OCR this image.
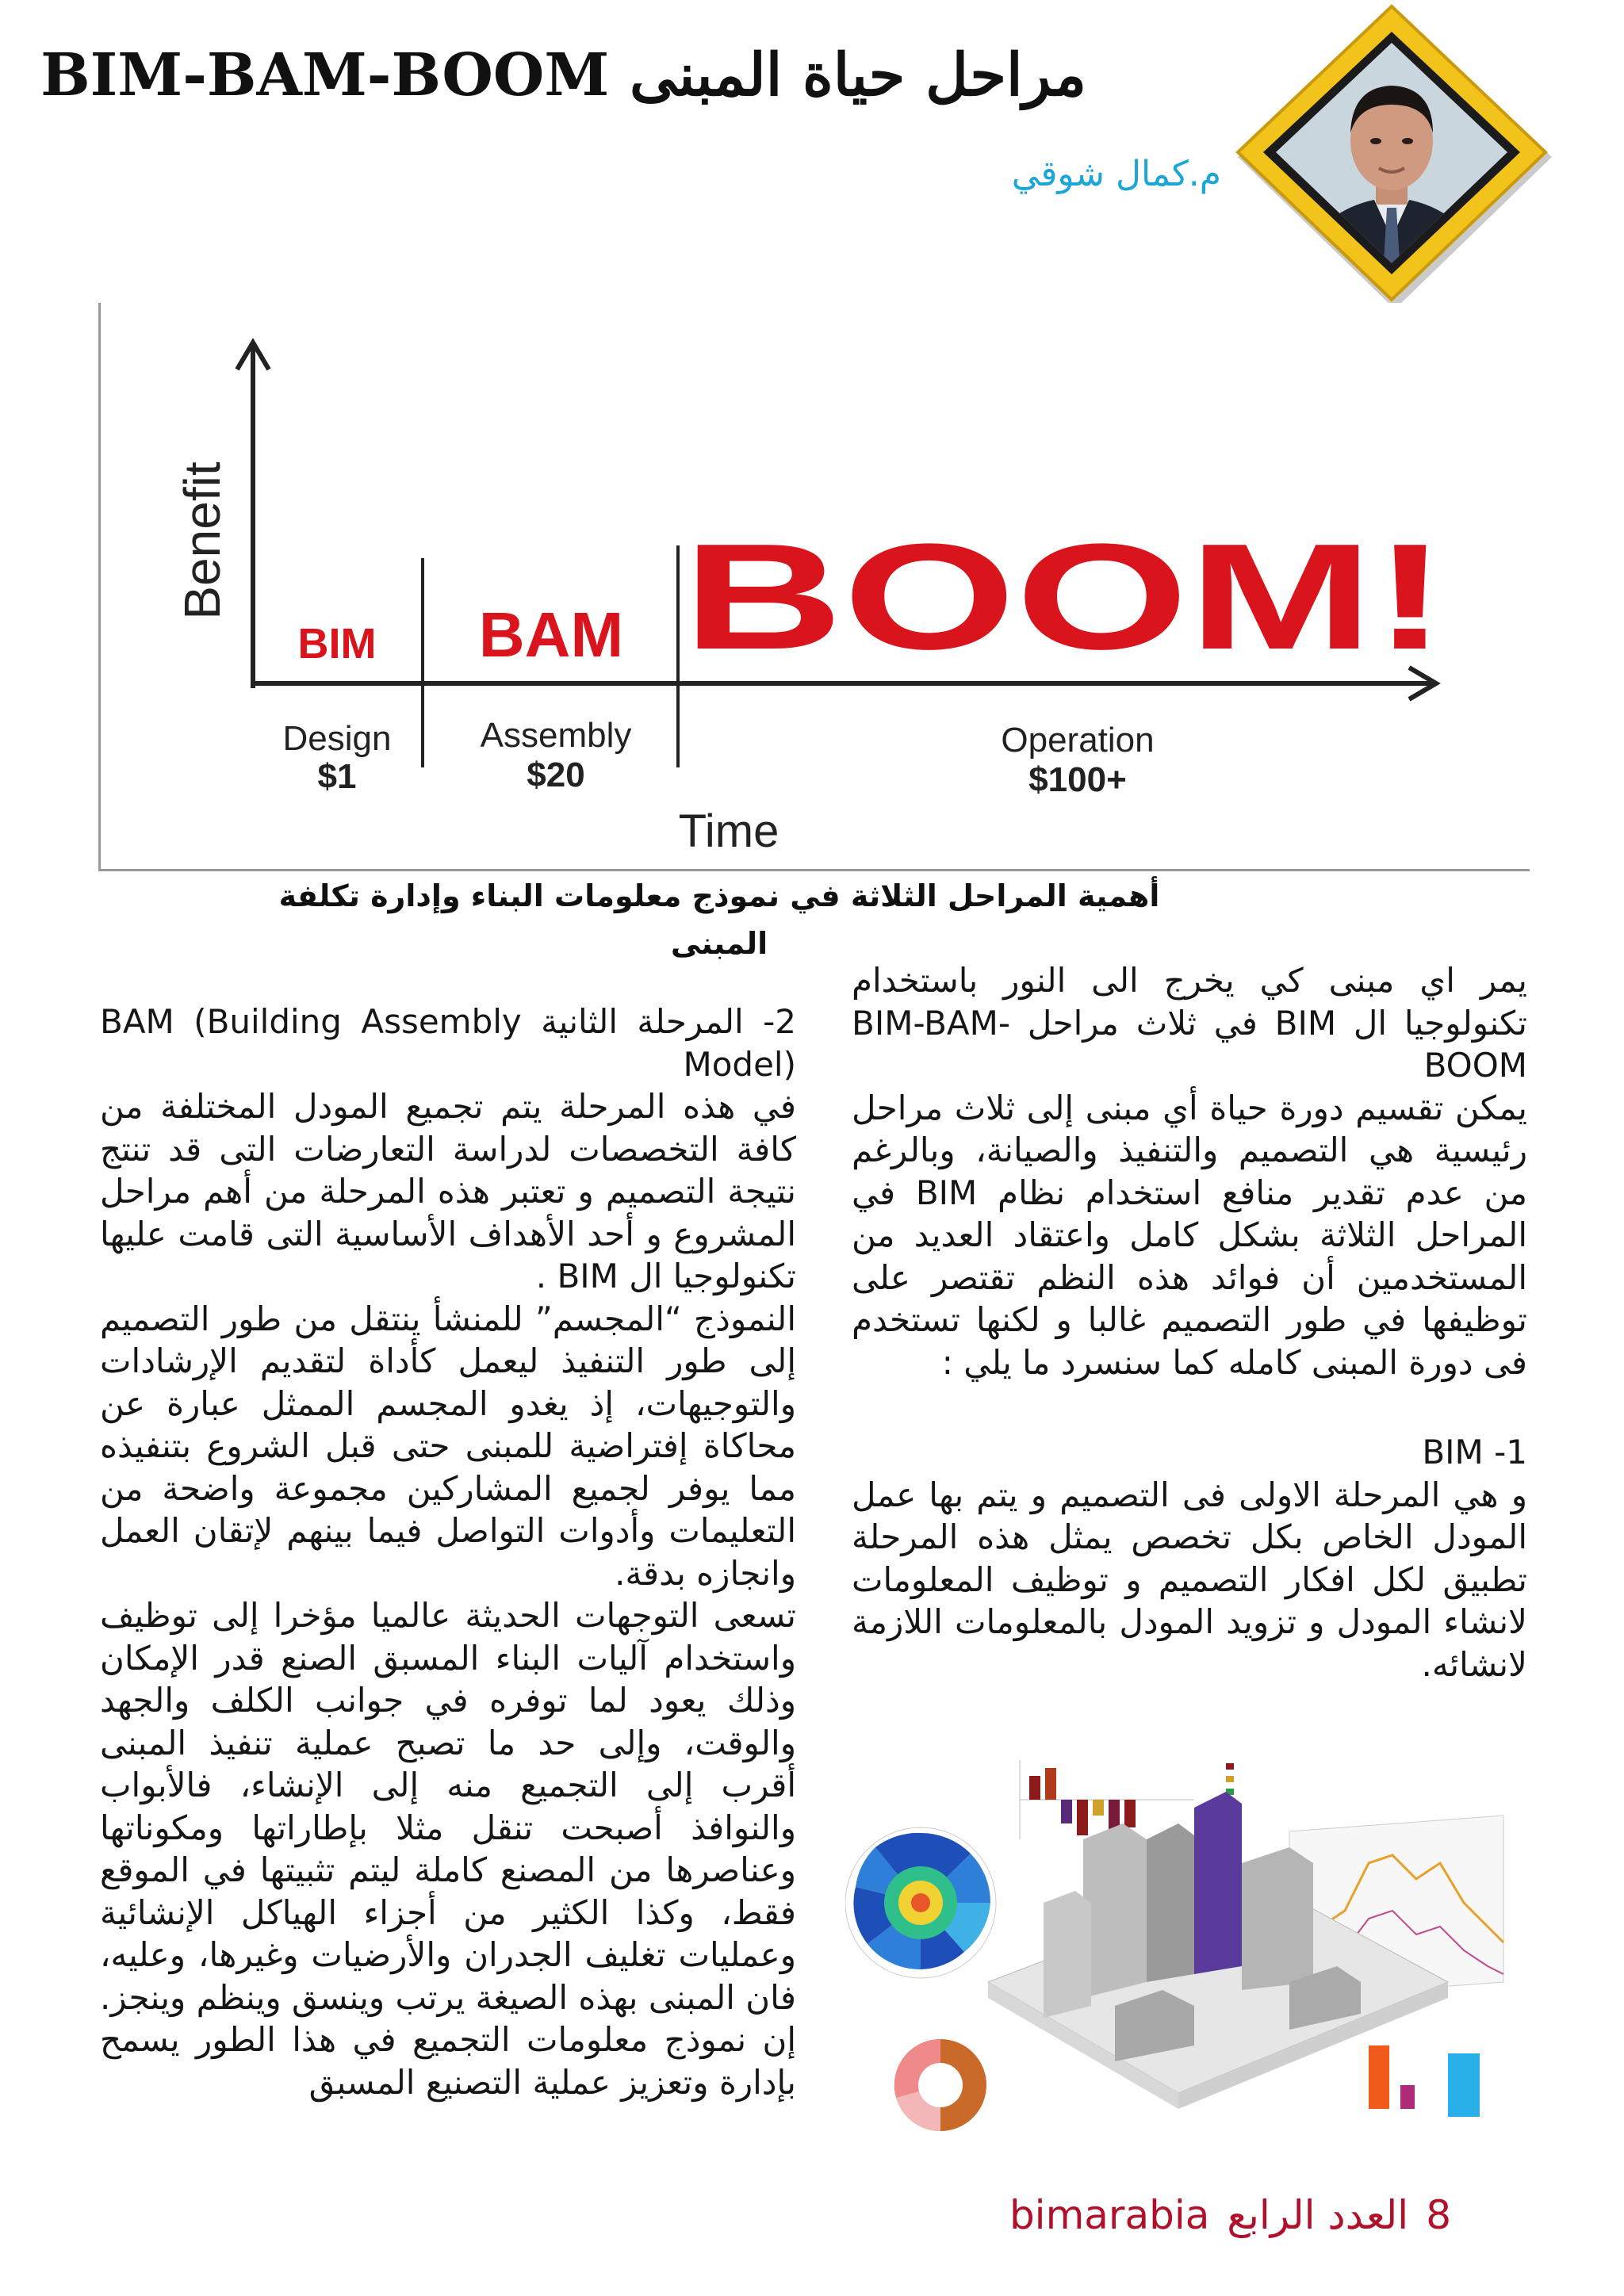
مراحل حياة المبنى BIM-BAM-BOOM
م.كمال شوقي
Benefit
BIM BAM BOOM!
Design
$1
Assembly
$20
Operation
$100+
Time
أهمية المراحل الثلاثة في نموذج معلومات البناء وإدارة تكلفة المبنى

يمر اي مبنى كي يخرج الى النور باستخدام تكنولوجيا ال BIM في ثلاث مراحل BIM-BAM-BOOM

يمكن تقسيم دورة حياة أي مبنى إلى ثلاث مراحل رئيسية هي التصميم والتنفيذ والصيانة، وبالرغم من عدم تقدير منافع استخدام نظام BIM في المراحل الثلاثة بشكل كامل واعتقاد العديد من المستخدمين أن فوائد هذه النظم تقتصر على توظيفها في طور التصميم غالبا و لكنها تستخدم فى دورة المبنى كامله كما سنسرد ما يلي :

1- BIM

و هي المرحلة الاولى فى التصميم و يتم بها عمل المودل الخاص بكل تخصص يمثل هذه المرحلة تطبيق لكل افكار التصميم و توظيف المعلومات لانشاء المودل و تزويد المودل بالمعلومات اللازمة لانشائه.

2- المرحلة الثانية BAM (Building Assembly Model)

في هذه المرحلة يتم تجميع المودل المختلفة من كافة التخصصات لدراسة التعارضات التى قد تنتج نتيجة التصميم و تعتبر هذه المرحلة من أهم مراحل المشروع و أحد الأهداف الأساسية التى قامت عليها تكنولوجيا ال BIM .

النموذج “المجسم” للمنشأ ينتقل من طور التصميم إلى طور التنفيذ ليعمل كأداة لتقديم الإرشادات والتوجيهات، إذ يغدو المجسم الممثل عبارة عن محاكاة إفتراضية للمبنى حتى قبل الشروع بتنفيذه مما يوفر لجميع المشاركين مجموعة واضحة من التعليمات وأدوات التواصل فيما بينهم لإتقان العمل وانجازه بدقة.

تسعى التوجهات الحديثة عالميا مؤخرا إلى توظيف واستخدام آليات البناء المسبق الصنع قدر الإمكان وذلك يعود لما توفره في جوانب الكلف والجهد والوقت، وإلى حد ما تصبح عملية تنفيذ المبنى أقرب إلى التجميع منه إلى الإنشاء، فالأبواب والنوافذ أصبحت تنقل مثلا بإطاراتها ومكوناتها وعناصرها من المصنع كاملة ليتم تثبيتها في الموقع فقط، وكذا الكثير من أجزاء الهياكل الإنشائية وعمليات تغليف الجدران والأرضيات وغيرها، وعليه، فان المبنى بهذه الصيغة يرتب وينسق وينظم وينجز.

إن نموذج معلومات التجميع في هذا الطور يسمح بإدارة وتعزيز عملية التصنيع المسبق

8العدد الرابعbimarabia
